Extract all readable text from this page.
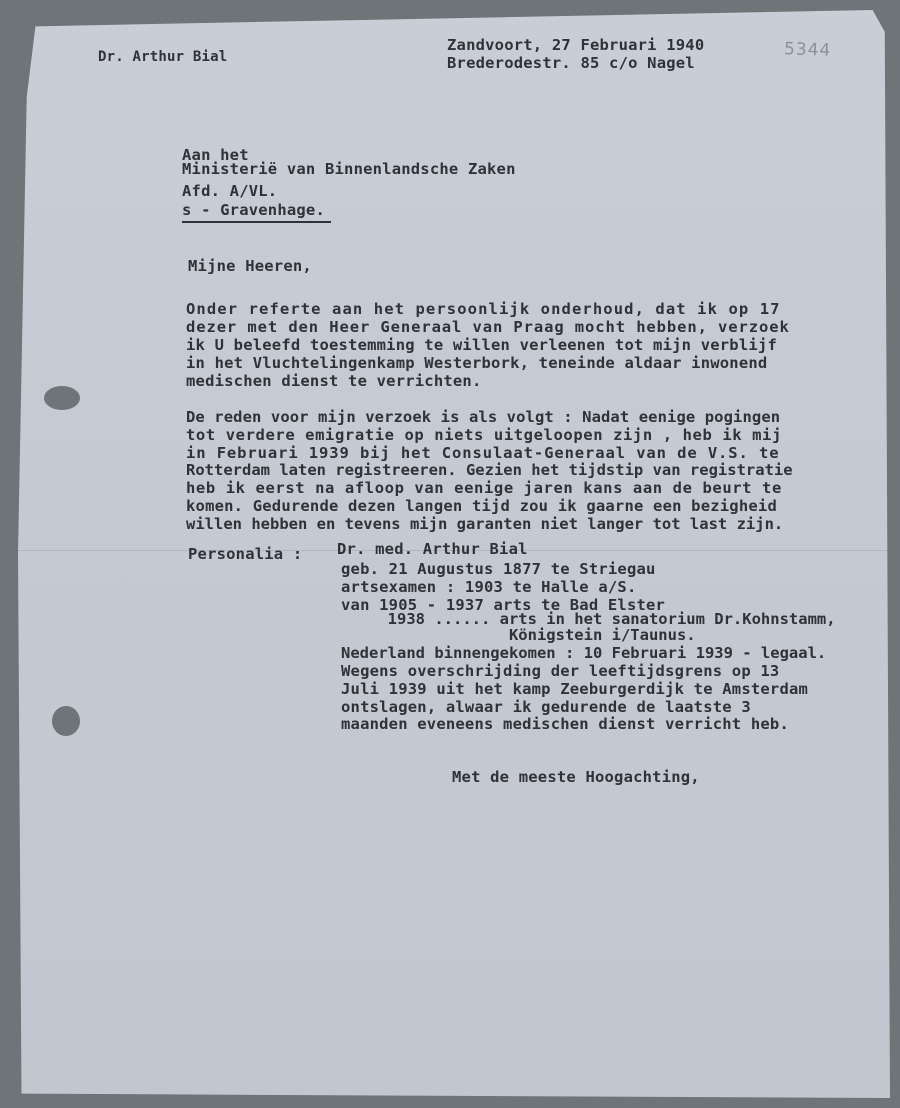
Dr. Arthur Bial
Zandvoort, 27 Februari 1940
Brederodestr. 85 c/o Nagel
5344
Aan het
Ministeriё van Binnenlandsche Zaken
Afd. A/VL.
s - Gravenhage.
Mijne Heeren,
Onder referte aan het persoonlijk onderhoud, dat ik op 17
dezer met den Heer Generaal van Praag mocht hebben, verzoek
ik U beleefd toestemming te willen verleenen tot mijn verblijf
in het Vluchtelingenkamp Westerbork, teneinde aldaar inwonend
medischen dienst te verrichten.
De reden voor mijn verzoek is als volgt : Nadat eenige pogingen
tot verdere emigratie op niets uitgeloopen zijn , heb ik mij
in Februari 1939 bij het Consulaat-Generaal van de V.S. te
Rotterdam laten registreeren. Gezien het tijdstip van registratie
heb ik eerst na afloop van eenige jaren kans aan de beurt te
komen. Gedurende dezen langen tijd zou ik gaarne een bezigheid
willen hebben en tevens mijn garanten niet langer tot last zijn.
Personalia : Dr. med. Arthur Bial
geb. 21 Augustus 1877 te Striegau
artsexamen : 1903 te Halle a/S.
van 1905 - 1937 arts te Bad Elster
1938 ...... arts in het sanatorium Dr.Kohnstamm,
Königstein i/Taunus.
Nederland binnengekomen : 10 Februari 1939 - legaal.
Wegens overschrijding der leeftijdsgrens op 13
Juli 1939 uit het kamp Zeeburgerdijk te Amsterdam
ontslagen, alwaar ik gedurende de laatste 3
maanden eveneens medischen dienst verricht heb.
Met de meeste Hoogachting,
